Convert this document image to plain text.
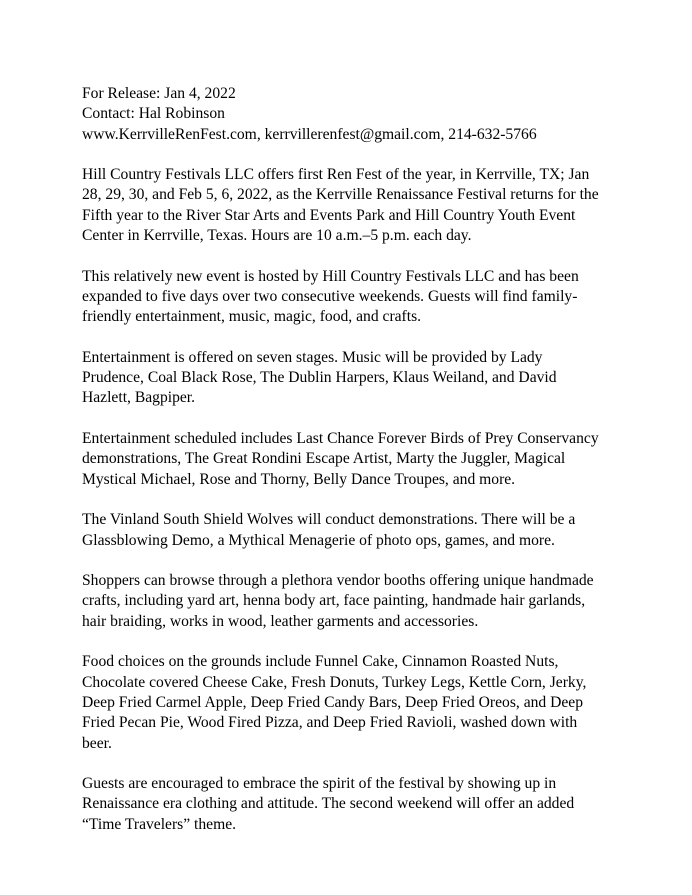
For Release: Jan 4, 2022
Contact: Hal Robinson
www.KerrvilleRenFest.com, kerrvillerenfest@gmail.com, 214-632-5766
Hill Country Festivals LLC offers first Ren Fest of the year, in Kerrville, TX; Jan
28, 29, 30, and Feb 5, 6, 2022, as the Kerrville Renaissance Festival returns for the
Fifth year to the River Star Arts and Events Park and Hill Country Youth Event
Center in Kerrville, Texas. Hours are 10 a.m.–5 p.m. each day.
This relatively new event is hosted by Hill Country Festivals LLC and has been
expanded to five days over two consecutive weekends. Guests will find family-
friendly entertainment, music, magic, food, and crafts.
Entertainment is offered on seven stages. Music will be provided by Lady
Prudence, Coal Black Rose, The Dublin Harpers, Klaus Weiland, and David
Hazlett, Bagpiper.
Entertainment scheduled includes Last Chance Forever Birds of Prey Conservancy
demonstrations, The Great Rondini Escape Artist, Marty the Juggler, Magical
Mystical Michael, Rose and Thorny, Belly Dance Troupes, and more.
The Vinland South Shield Wolves will conduct demonstrations. There will be a
Glassblowing Demo, a Mythical Menagerie of photo ops, games, and more.
Shoppers can browse through a plethora vendor booths offering unique handmade
crafts, including yard art, henna body art, face painting, handmade hair garlands,
hair braiding, works in wood, leather garments and accessories.
Food choices on the grounds include Funnel Cake, Cinnamon Roasted Nuts,
Chocolate covered Cheese Cake, Fresh Donuts, Turkey Legs, Kettle Corn, Jerky,
Deep Fried Carmel Apple, Deep Fried Candy Bars, Deep Fried Oreos, and Deep
Fried Pecan Pie, Wood Fired Pizza, and Deep Fried Ravioli, washed down with
beer.
Guests are encouraged to embrace the spirit of the festival by showing up in
Renaissance era clothing and attitude. The second weekend will offer an added
“Time Travelers” theme.
